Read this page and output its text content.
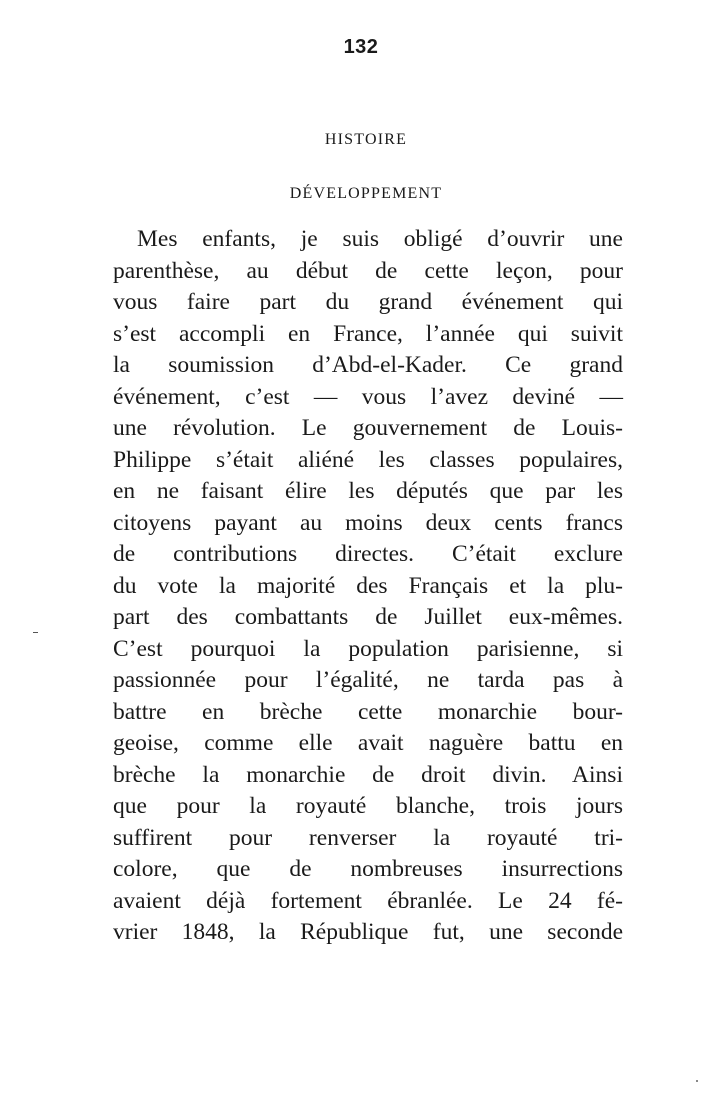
132
HISTOIRE
DÉVELOPPEMENT
Mes enfants, je suis obligé d’ouvrir une
parenthèse, au début de cette leçon, pour
vous faire part du grand événement qui
s’est accompli en France, l’année qui suivit
la soumission d’Abd-el-Kader. Ce grand
événement, c’est — vous l’avez deviné —
une révolution. Le gouvernement de Louis-
Philippe s’était aliéné les classes populaires,
en ne faisant élire les députés que par les
citoyens payant au moins deux cents francs
de contributions directes. C’était exclure
du vote la majorité des Français et la plu-
part des combattants de Juillet eux-mêmes.
C’est pourquoi la population parisienne, si
passionnée pour l’égalité, ne tarda pas à
battre en brèche cette monarchie bour-
geoise, comme elle avait naguère battu en
brèche la monarchie de droit divin. Ainsi
que pour la royauté blanche, trois jours
suffirent pour renverser la royauté tri-
colore, que de nombreuses insurrections
avaient déjà fortement ébranlée. Le 24 fé-
vrier 1848, la République fut, une seconde
